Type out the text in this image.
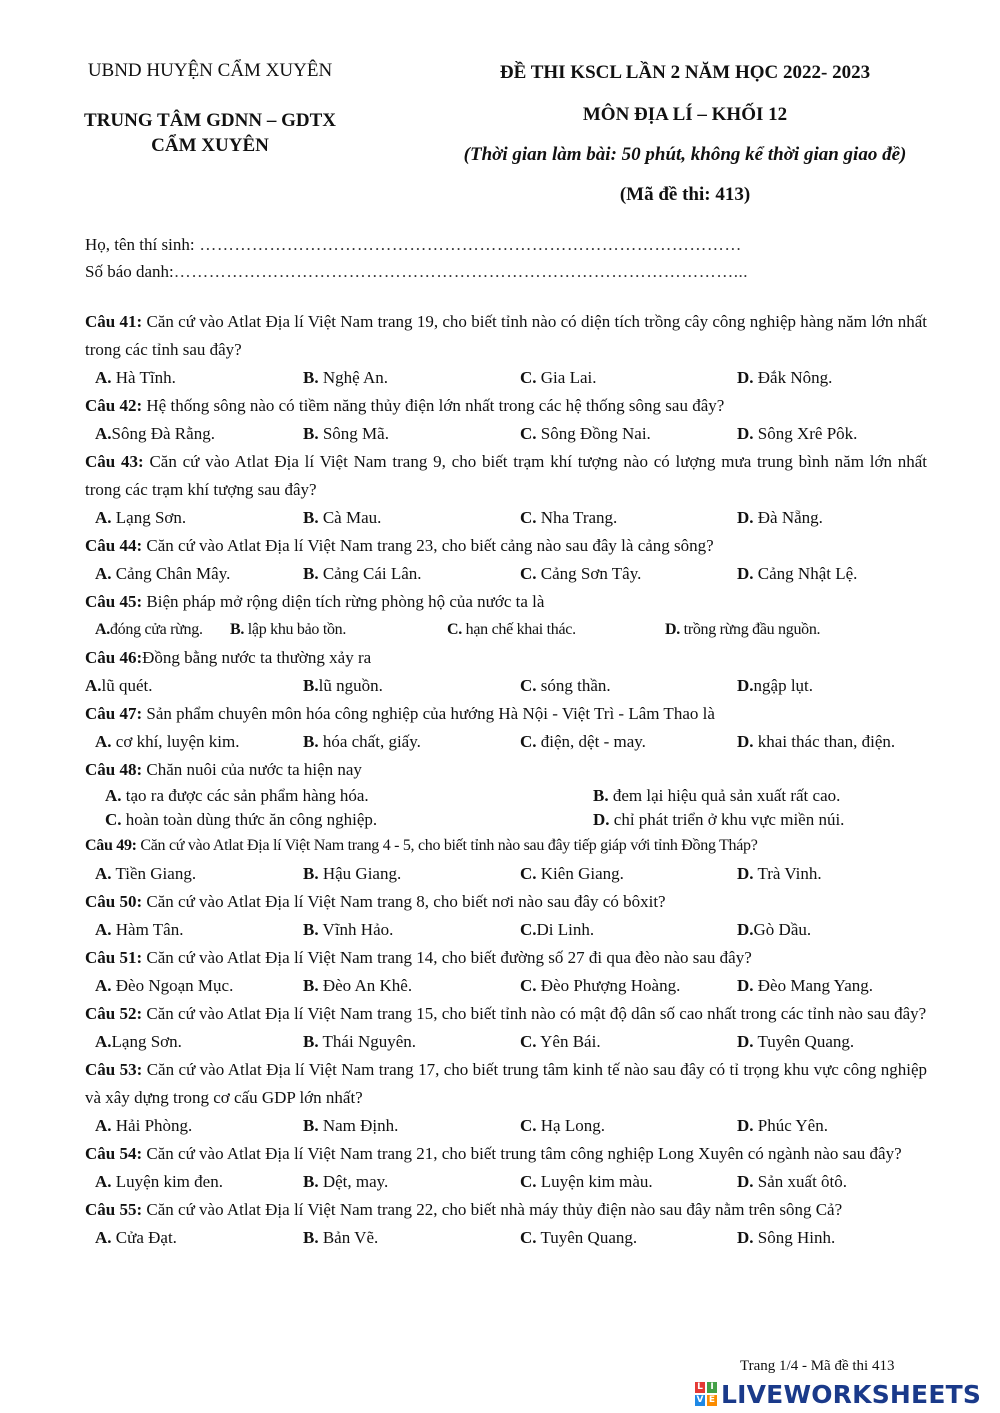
UBND HUYỆN CẨM XUYÊN
TRUNG TÂM GDNN – GDTX
CẨM XUYÊN
ĐỀ THI KSCL LẦN 2 NĂM HỌC 2022- 2023
MÔN ĐỊA LÍ – KHỐI 12
(Thời gian làm bài: 50 phút, không kể thời gian giao đề)
(Mã đề thi: 413)
Họ, tên thí sinh: …………………………………………………………………………………
Số báo danh:……………………………………………………………………………………...
Câu 41: Căn cứ vào Atlat Địa lí Việt Nam trang 19, cho biết tỉnh nào có diện tích trồng cây công nghiệp hàng năm lớn nhất trong các tỉnh sau đây?
A. Hà Tĩnh.	B. Nghệ An.	C. Gia Lai.	D. Đắk Nông.
Câu 42: Hệ thống sông nào có tiềm năng thủy điện lớn nhất trong các hệ thống sông sau đây?
A.Sông Đà Rằng.	B. Sông Mã.	C. Sông Đồng Nai.	D. Sông Xrê Pôk.
Câu 43: Căn cứ vào Atlat Địa lí Việt Nam trang 9, cho biết trạm khí tượng nào có lượng mưa trung bình năm lớn nhất trong các trạm khí tượng sau đây?
A. Lạng Sơn.	B. Cà Mau.	C. Nha Trang.	D. Đà Nẵng.
Câu 44: Căn cứ vào Atlat Địa lí Việt Nam trang 23, cho biết cảng nào sau đây là cảng sông?
A. Cảng Chân Mây.	B. Cảng Cái Lân.	C. Cảng Sơn Tây.	D. Cảng Nhật Lệ.
Câu 45: Biện pháp mở rộng diện tích rừng phòng hộ của nước ta là
A.đóng cửa rừng. B. lập khu bảo tồn.	C. hạn chế khai thác.	D. trồng rừng đầu nguồn.
Câu 46:Đồng bằng nước ta thường xảy ra
A.lũ quét.	B.lũ nguồn.	C. sóng thần.	D.ngập lụt.
Câu 47: Sản phẩm chuyên môn hóa công nghiệp của hướng Hà Nội - Việt Trì - Lâm Thao là
A. cơ khí, luyện kim.	B. hóa chất, giấy.	C. điện, dệt - may.	D. khai thác than, điện.
Câu 48: Chăn nuôi của nước ta hiện nay
A. tạo ra được các sản phẩm hàng hóa.	B. đem lại hiệu quả sản xuất rất cao.
C. hoàn toàn dùng thức ăn công nghiệp.	D. chỉ phát triển ở khu vực miền núi.
Câu 49: Căn cứ vào Atlat Địa lí Việt Nam trang 4 - 5, cho biết tỉnh nào sau đây tiếp giáp với tỉnh Đồng Tháp?
A. Tiền Giang.	B. Hậu Giang.	C. Kiên Giang.	D. Trà Vinh.
Câu 50: Căn cứ vào Atlat Địa lí Việt Nam trang 8, cho biết nơi nào sau đây có bôxit?
A. Hàm Tân.	B. Vĩnh Hảo.	C.Di Linh.	D.Gò Dầu.
Câu 51: Căn cứ vào Atlat Địa lí Việt Nam trang 14, cho biết đường số 27 đi qua đèo nào sau đây?
A. Đèo Ngoạn Mục.	B. Đèo An Khê.	C. Đèo Phượng Hoàng.	D. Đèo Mang Yang.
Câu 52: Căn cứ vào Atlat Địa lí Việt Nam trang 15, cho biết tỉnh nào có mật độ dân số cao nhất trong các tỉnh nào sau đây?
A.Lạng Sơn.	B. Thái Nguyên.	C. Yên Bái.	D. Tuyên Quang.
Câu 53: Căn cứ vào Atlat Địa lí Việt Nam trang 17, cho biết trung tâm kinh tế nào sau đây có tỉ trọng khu vực công nghiệp và xây dựng trong cơ cấu GDP lớn nhất?
A. Hải Phòng.	B. Nam Định.	C. Hạ Long.	D. Phúc Yên.
Câu 54: Căn cứ vào Atlat Địa lí Việt Nam trang 21, cho biết trung tâm công nghiệp Long Xuyên có ngành nào sau đây?
A. Luyện kim đen.	B. Dệt, may.	C. Luyện kim màu.	D. Sản xuất ôtô.
Câu 55: Căn cứ vào Atlat Địa lí Việt Nam trang 22, cho biết nhà máy thủy điện nào sau đây nằm trên sông Cả?
A. Cửa Đạt.	B. Bản Vẽ.	C. Tuyên Quang.	D. Sông Hinh.
Trang 1/4 - Mã đề thi 413
L I
V E LIVEWORKSHEETS
